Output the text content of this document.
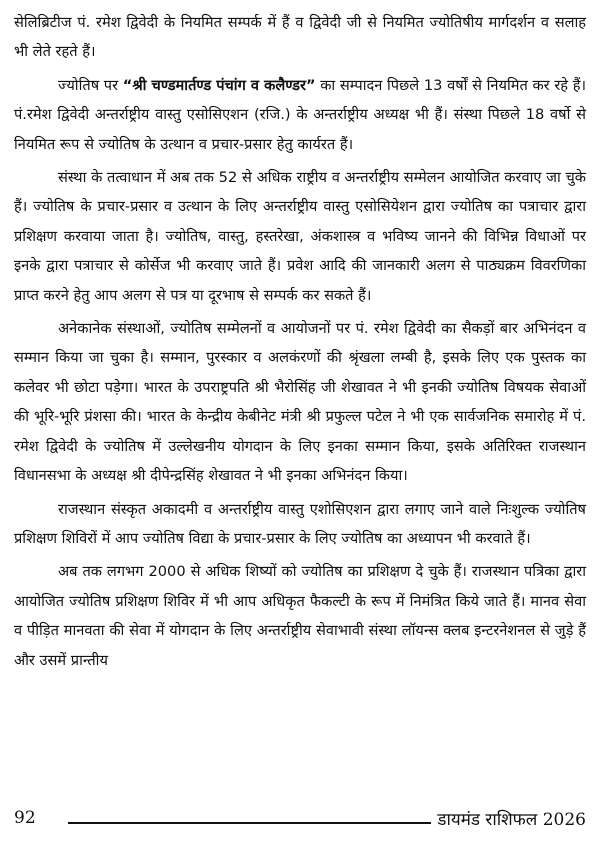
सेलिब्रिटीज पं. रमेश द्विवेदी के नियमित सम्पर्क में हैं व द्विवेदी जी से नियमित ज्योतिषीय मार्गदर्शन व सलाह भी लेते रहते हैं।

ज्योतिष पर “श्री चण्डमार्तण्ड पंचांग व कलैण्डर” का सम्पादन पिछले 13 वर्षों से नियमित कर रहे हैं। पं.रमेश द्विवेदी अन्तर्राष्ट्रीय वास्तु एसोसिएशन (रजि.) के अन्तर्राष्ट्रीय अध्यक्ष भी हैं। संस्था पिछले 18 वर्षो से नियमित रूप से ज्योतिष के उत्थान व प्रचार-प्रसार हेतु कार्यरत हैं।

संस्था के तत्वाधान में अब तक 52 से अधिक राष्ट्रीय व अन्तर्राष्ट्रीय सम्मेलन आयोजित करवाए जा चुके हैं। ज्योतिष के प्रचार-प्रसार व उत्थान के लिए अन्तर्राष्ट्रीय वास्तु एसोसियेशन द्वारा ज्योतिष का पत्राचार द्वारा प्रशिक्षण करवाया जाता है। ज्योतिष, वास्तु, हस्तरेखा, अंकशास्त्र व भविष्य जानने की विभिन्न विधाओं पर इनके द्वारा पत्राचार से कोर्सेज भी करवाए जाते हैं। प्रवेश आदि की जानकारी अलग से पाठ्यक्रम विवरणिका प्राप्त करने हेतु आप अलग से पत्र या दूरभाष से सम्पर्क कर सकते हैं।

अनेकानेक संस्थाओं, ज्योतिष सम्मेलनों व आयोजनों पर पं. रमेश द्विवेदी का सैकड़ों बार अभिनंदन व सम्मान किया जा चुका है। सम्मान, पुरस्कार व अलकंरणों की श्रृंखला लम्बी है, इसके लिए एक पुस्तक का कलेवर भी छोटा पड़ेगा। भारत के उपराष्ट्रपति श्री भैरोसिंह जी शेखावत ने भी इनकी ज्योतिष विषयक सेवाओं की भूरि-भूरि प्रंशसा की। भारत के केन्द्रीय केबीनेट मंत्री श्री प्रफुल्ल पटेल ने भी एक सार्वजनिक समारोह में पं. रमेश द्विवेदी के ज्योतिष में उल्लेखनीय योगदान के लिए इनका सम्मान किया, इसके अतिरिक्त राजस्थान विधानसभा के अध्यक्ष श्री दीपेन्द्रसिंह शेखावत ने भी इनका अभिनंदन किया।

राजस्थान संस्कृत अकादमी व अन्तर्राष्ट्रीय वास्तु एशोसिएशन द्वारा लगाए जाने वाले निःशुल्क ज्योतिष प्रशिक्षण शिविरों में आप ज्योतिष विद्या के प्रचार-प्रसार के लिए ज्योतिष का अध्यापन भी करवाते हैं।

अब तक लगभग 2000 से अधिक शिष्यों को ज्योतिष का प्रशिक्षण दे चुके हैं। राजस्थान पत्रिका द्वारा आयोजित ज्योतिष प्रशिक्षण शिविर में भी आप अधिकृत फैकल्टी के रूप में निमंत्रित किये जाते हैं। मानव सेवा व पीड़ित मानवता की सेवा में योगदान के लिए अन्तर्राष्ट्रीय सेवाभावी संस्था लॉयन्स क्लब इन्टरनेशनल से जुड़े हैं और उसमें प्रान्तीय

92	डायमंड राशिफल 2026
